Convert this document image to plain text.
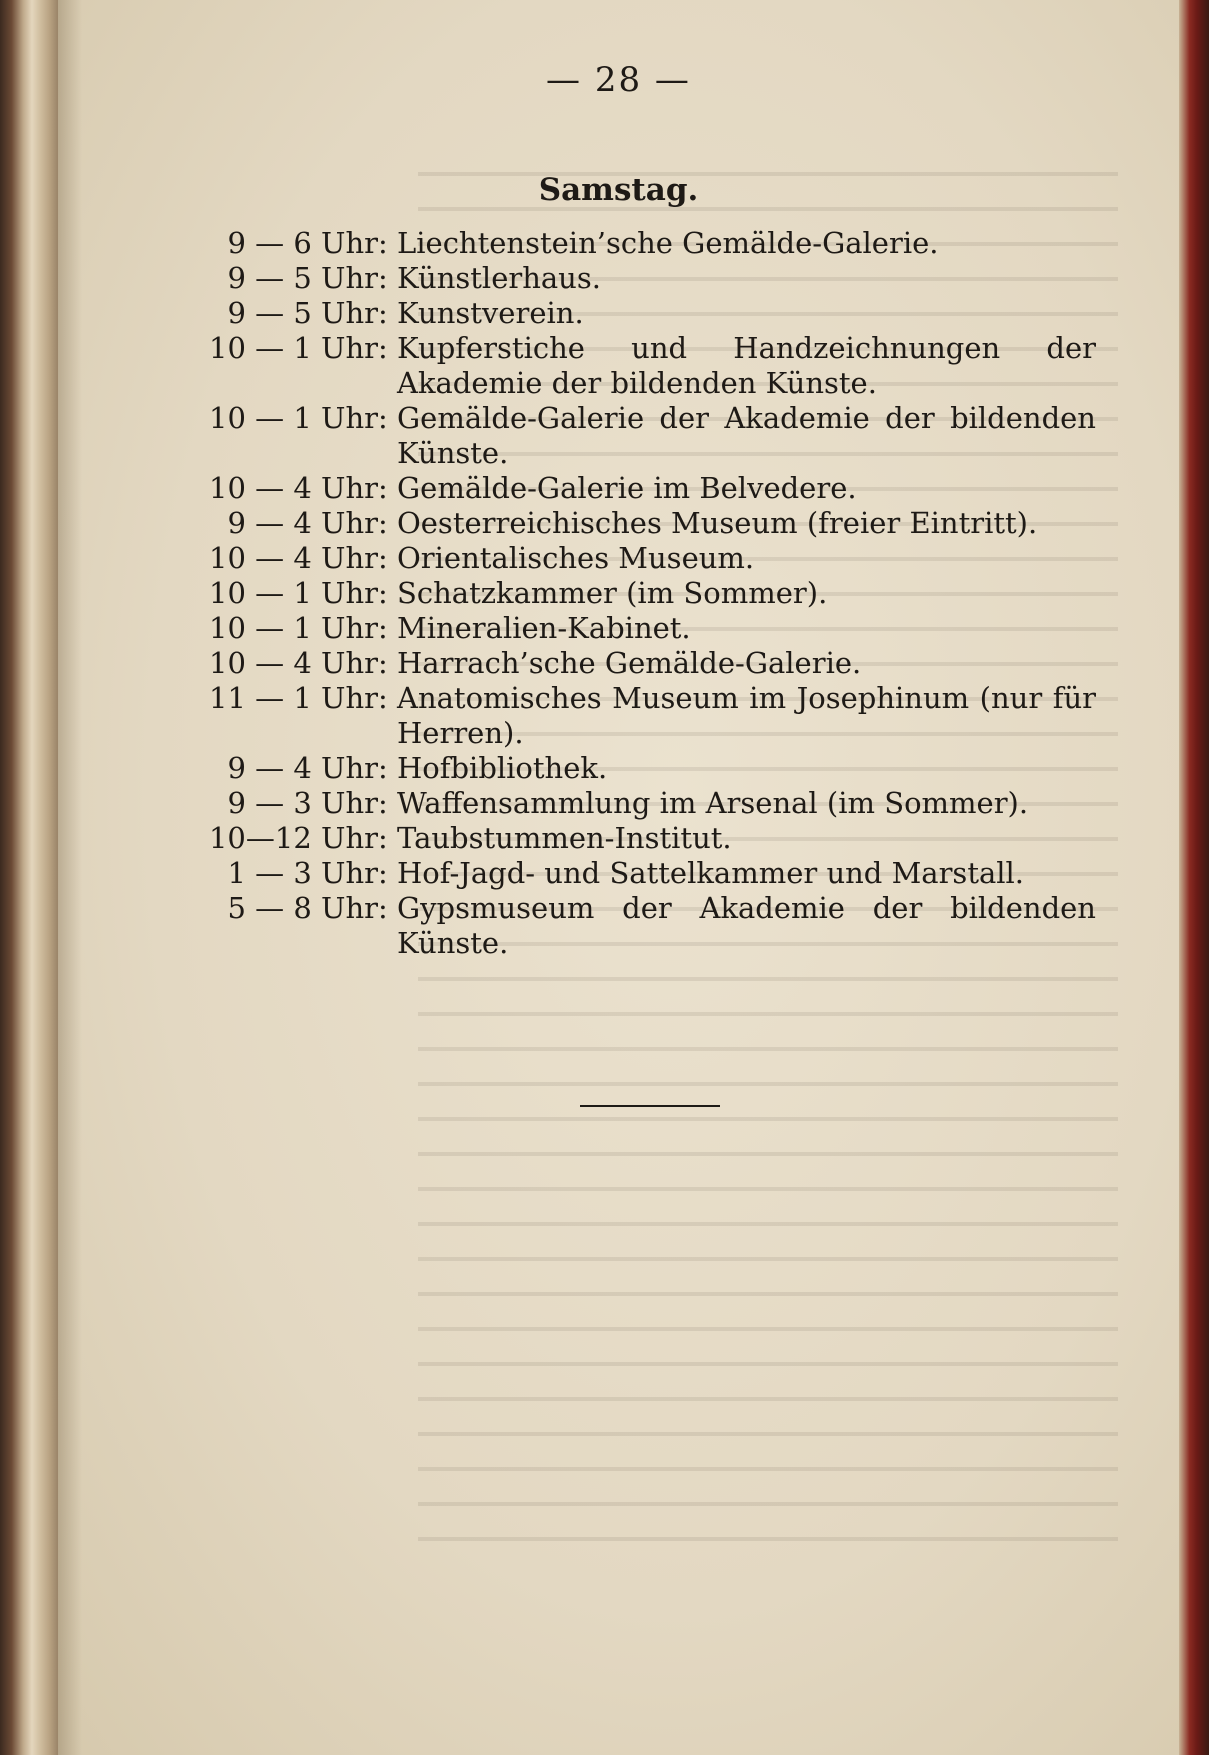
— 28 —
Samstag.
9 — 6 Uhr : Liechtenstein’sche Gemälde-Galerie.
9 — 5 Uhr : Künstlerhaus.
9 — 5 Uhr : Kunstverein.
10 — 1 Uhr : Kupferstiche und Handzeichnungen der Akademie der bildenden Künste.
10 — 1 Uhr : Gemälde-Galerie der Akademie der bildenden Künste.
10 — 4 Uhr : Gemälde-Galerie im Belvedere.
9 — 4 Uhr : Oesterreichisches Museum (freier Eintritt).
10 — 4 Uhr : Orientalisches Museum.
10 — 1 Uhr : Schatzkammer (im Sommer).
10 — 1 Uhr : Mineralien-Kabinet.
10 — 4 Uhr : Harrach’sche Gemälde-Galerie.
11 — 1 Uhr : Anatomisches Museum im Josephinum (nur für Herren).
9 — 4 Uhr : Hofbibliothek.
9 — 3 Uhr : Waffensammlung im Arsenal (im Sommer).
10—12 Uhr : Taubstummen-Institut.
1 — 3 Uhr : Hof-Jagd- und Sattelkammer und Marstall.
5 — 8 Uhr : Gypsmuseum der Akademie der bildenden Künste.
